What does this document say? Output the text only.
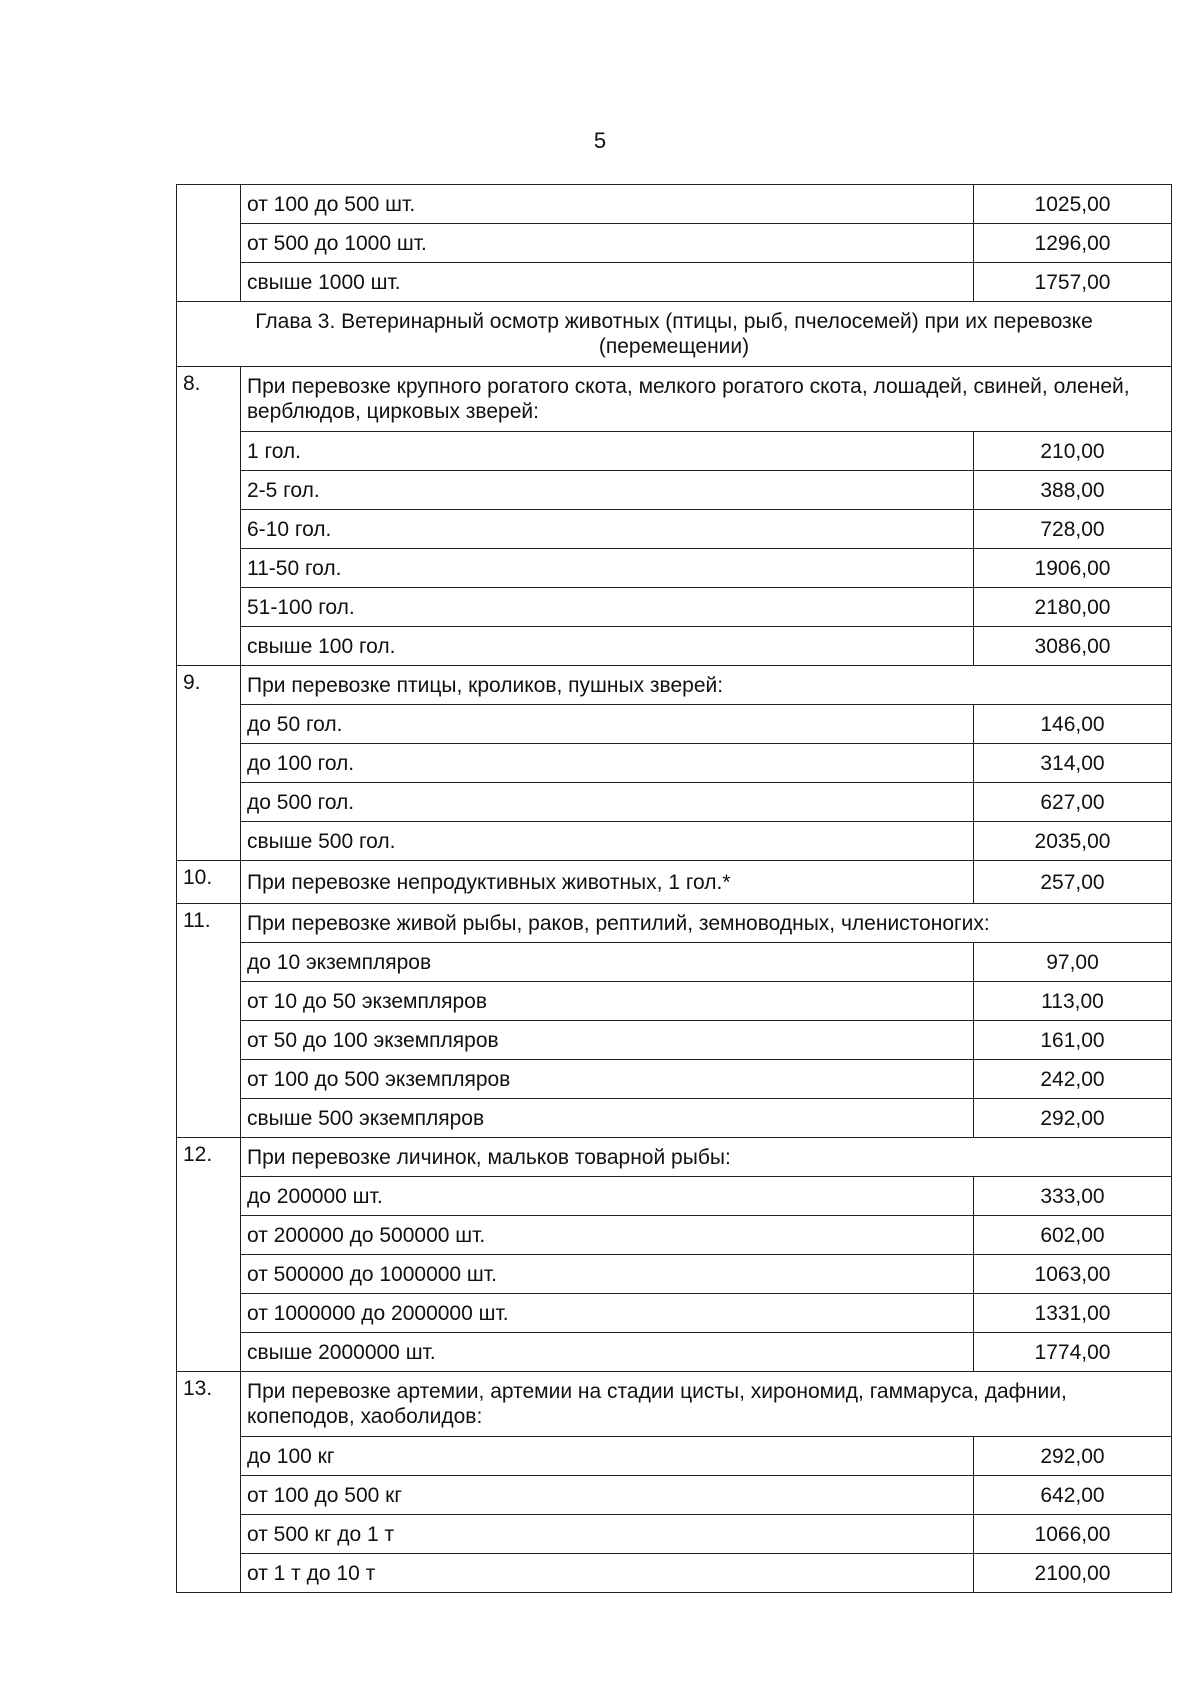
5
	от 100 до 500 шт.	1025,00
	от 500 до 1000 шт.	1296,00
	свыше 1000 шт.	1757,00
Глава 3. Ветеринарный осмотр животных (птицы, рыб, пчелосемей) при их перевозке (перемещении)		
8.	При перевозке крупного рогатого скота, мелкого рогатого скота, лошадей, свиней, оленей, верблюдов, цирковых зверей:	
	1 гол.	210,00
	2-5 гол.	388,00
	6-10 гол.	728,00
	11-50 гол.	1906,00
	51-100 гол.	2180,00
	свыше 100 гол.	3086,00
9.	При перевозке птицы, кроликов, пушных зверей:	
	до 50 гол.	146,00
	до 100 гол.	314,00
	до 500 гол.	627,00
	свыше 500 гол.	2035,00
10.	При перевозке непродуктивных животных, 1 гол.*	257,00
11.	При перевозке живой рыбы, раков, рептилий, земноводных, членистоногих:	
	до 10 экземпляров	97,00
	от 10 до 50 экземпляров	113,00
	от 50 до 100 экземпляров	161,00
	от 100 до 500 экземпляров	242,00
	свыше 500 экземпляров	292,00
12.	При перевозке личинок, мальков товарной рыбы:	
	до 200000 шт.	333,00
	от 200000 до 500000 шт.	602,00
	от 500000 до 1000000 шт.	1063,00
	от 1000000 до 2000000 шт.	1331,00
	свыше 2000000 шт.	1774,00
13.	При перевозке артемии, артемии на стадии цисты, хирономид, гаммаруса, дафнии, копеподов, хаоболидов:	
	до 100 кг	292,00
	от 100 до 500 кг	642,00
	от 500 кг до 1 т	1066,00
	от 1 т до 10 т	2100,00
